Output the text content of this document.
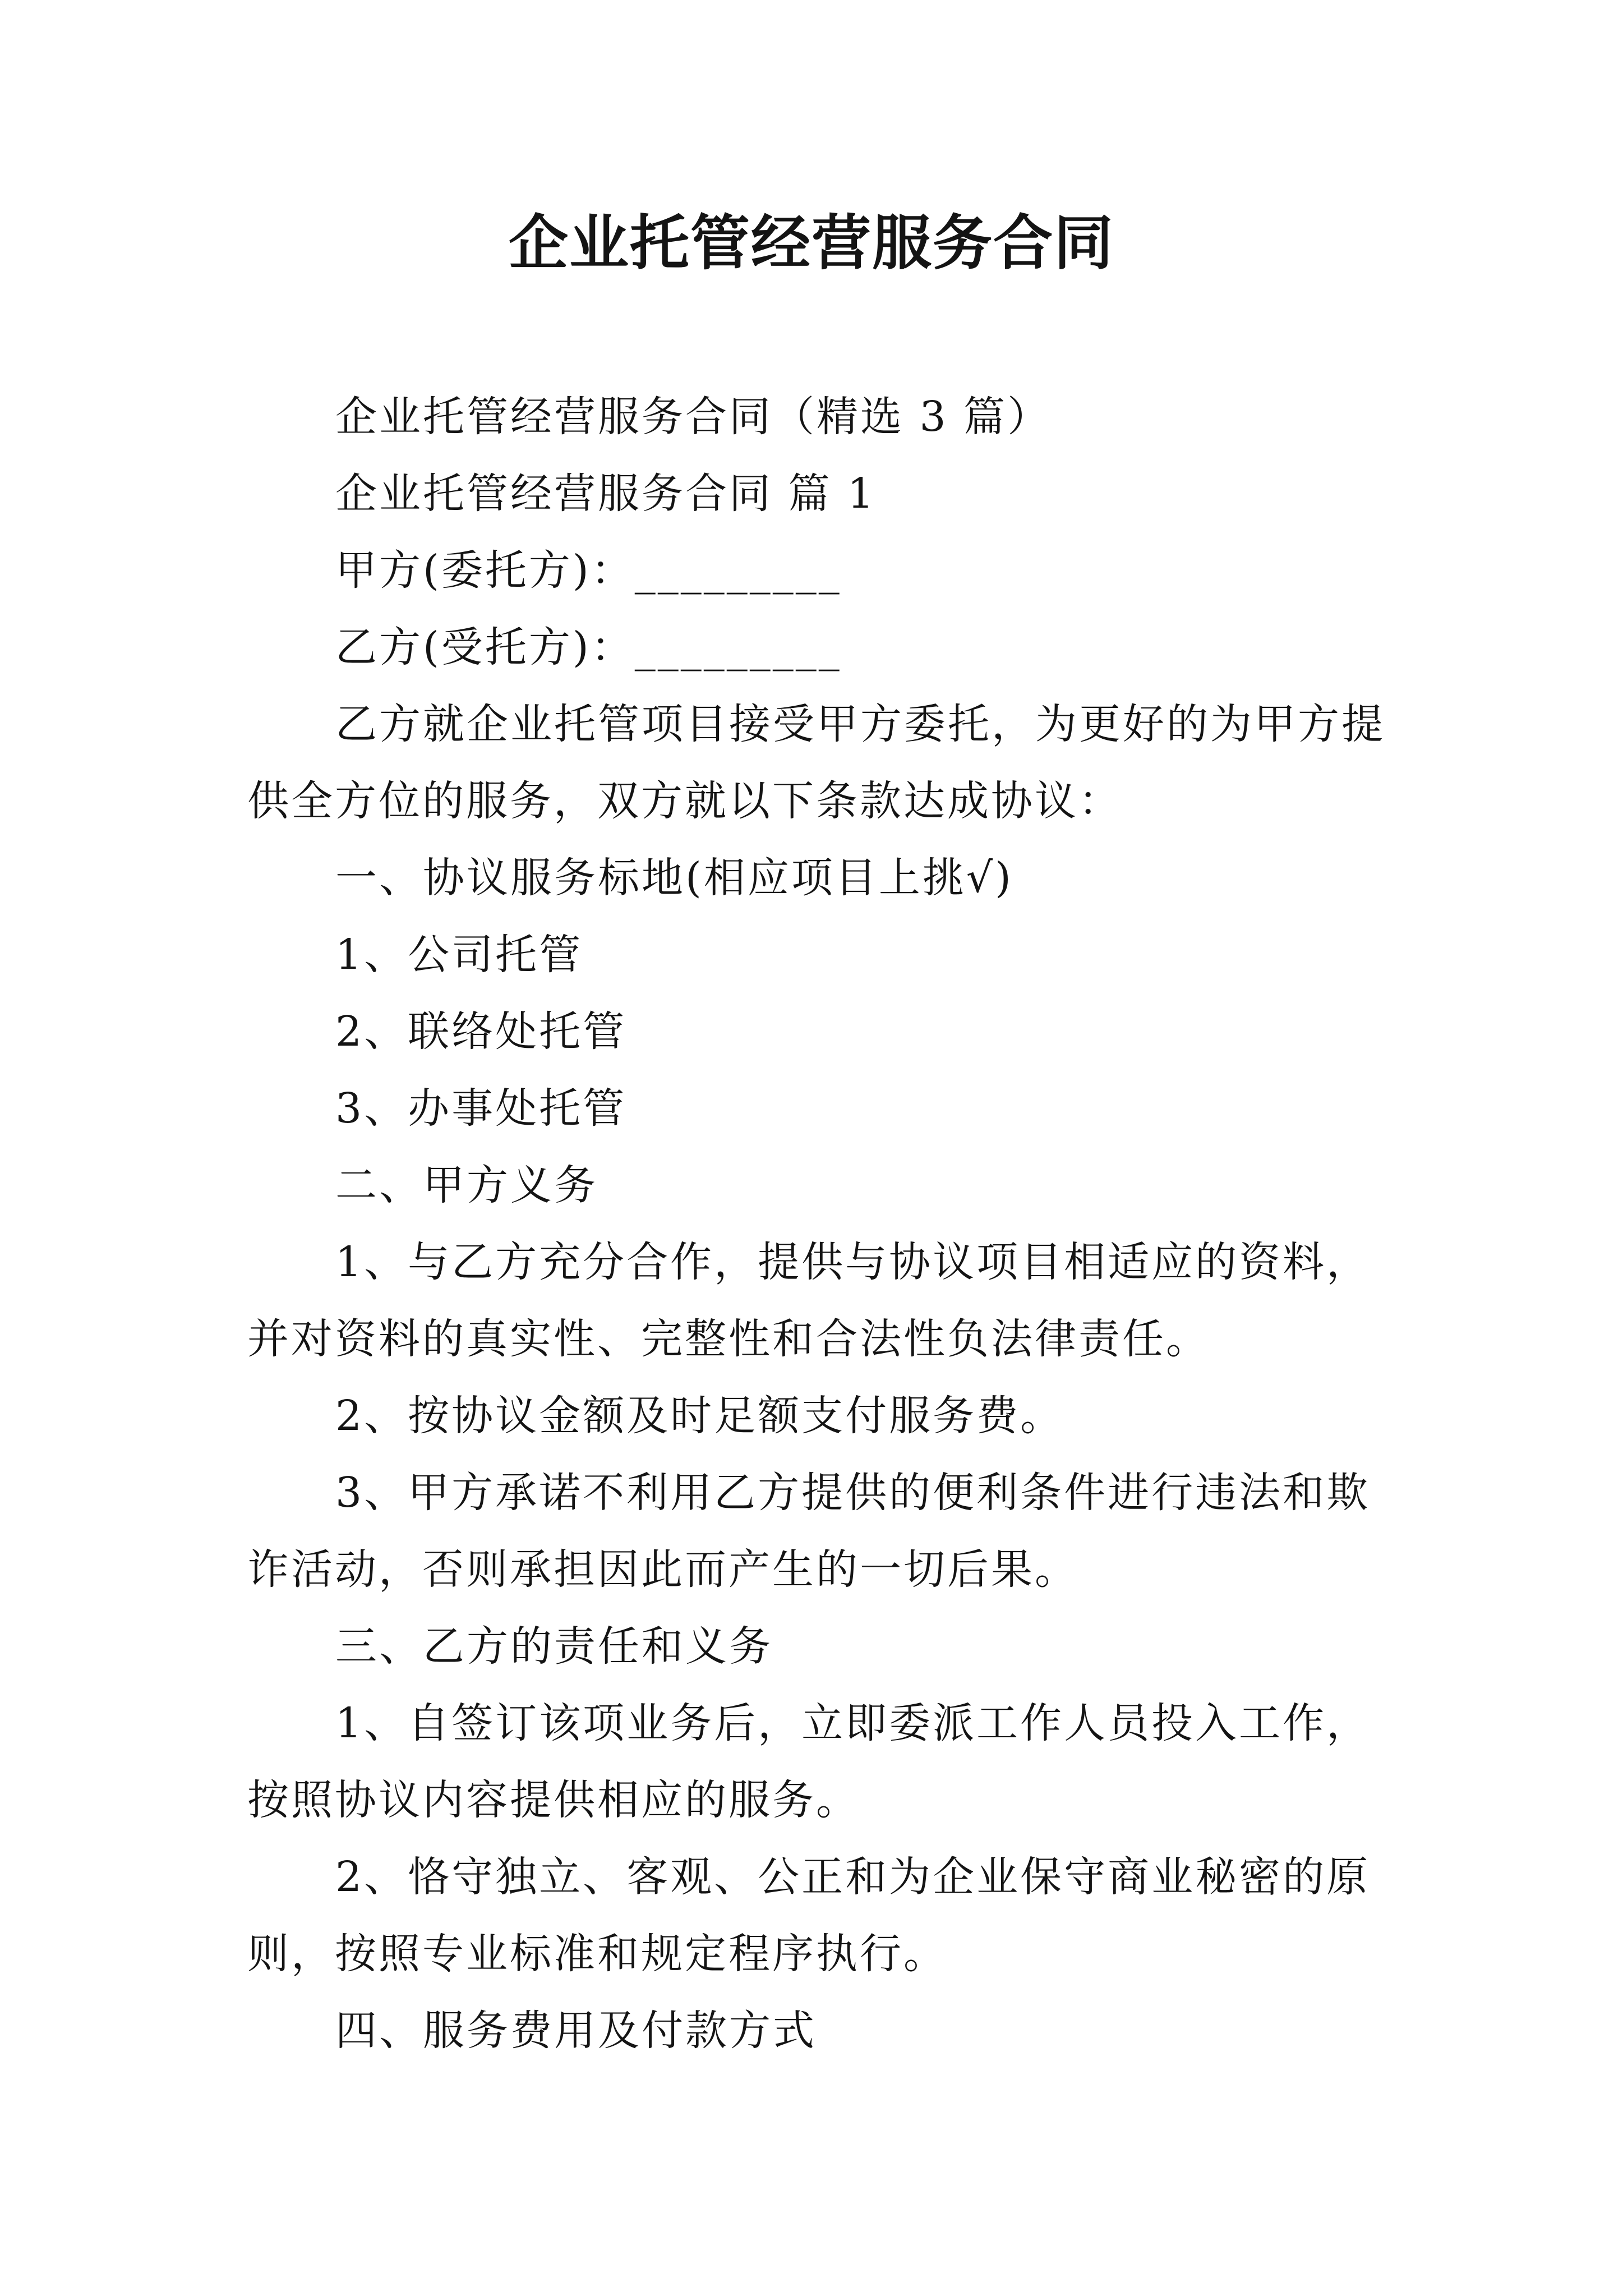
企业托管经营服务合同
企业托管经营服务合同（精选 3 篇）
企业托管经营服务合同 篇 1
甲方(委托方)：_________
乙方(受托方)：_________
乙方就企业托管项目接受甲方委托，为更好的为甲方提
供全方位的服务，双方就以下条款达成协议：
一、协议服务标地(相应项目上挑√)
1、公司托管
2、联络处托管
3、办事处托管
二、甲方义务
1、与乙方充分合作，提供与协议项目相适应的资料，
并对资料的真实性、完整性和合法性负法律责任。
2、按协议金额及时足额支付服务费。
3、甲方承诺不利用乙方提供的便利条件进行违法和欺
诈活动，否则承担因此而产生的一切后果。
三、乙方的责任和义务
1、自签订该项业务后，立即委派工作人员投入工作，
按照协议内容提供相应的服务。
2、恪守独立、客观、公正和为企业保守商业秘密的原
则，按照专业标准和规定程序执行。
四、服务费用及付款方式
